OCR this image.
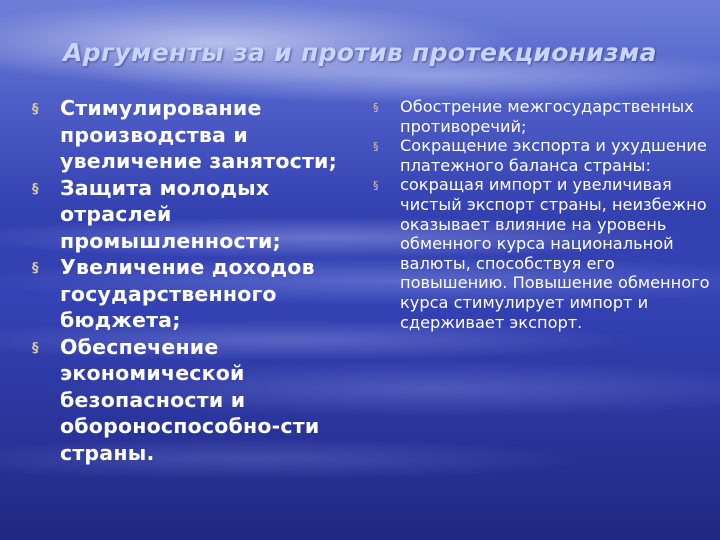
Аргументы за и против протекционизма
§ Стимулирование производства и увеличение занятости;
§ Защита молодых отраслей промышленности;
§ Увеличение доходов государственного бюджета;
§ Обеспечение экономической безопасности и обороноспособно-сти страны.
§ Обострение межгосударственных противоречий;
§ Сокращение экспорта и ухудшение платежного баланса страны:
§ сокращая импорт и увеличивая чистый экспорт страны, неизбежно оказывает влияние на уровень обменного курса национальной валюты, способствуя его повышению. Повышение обменного курса стимулирует импорт и сдерживает экспорт.
